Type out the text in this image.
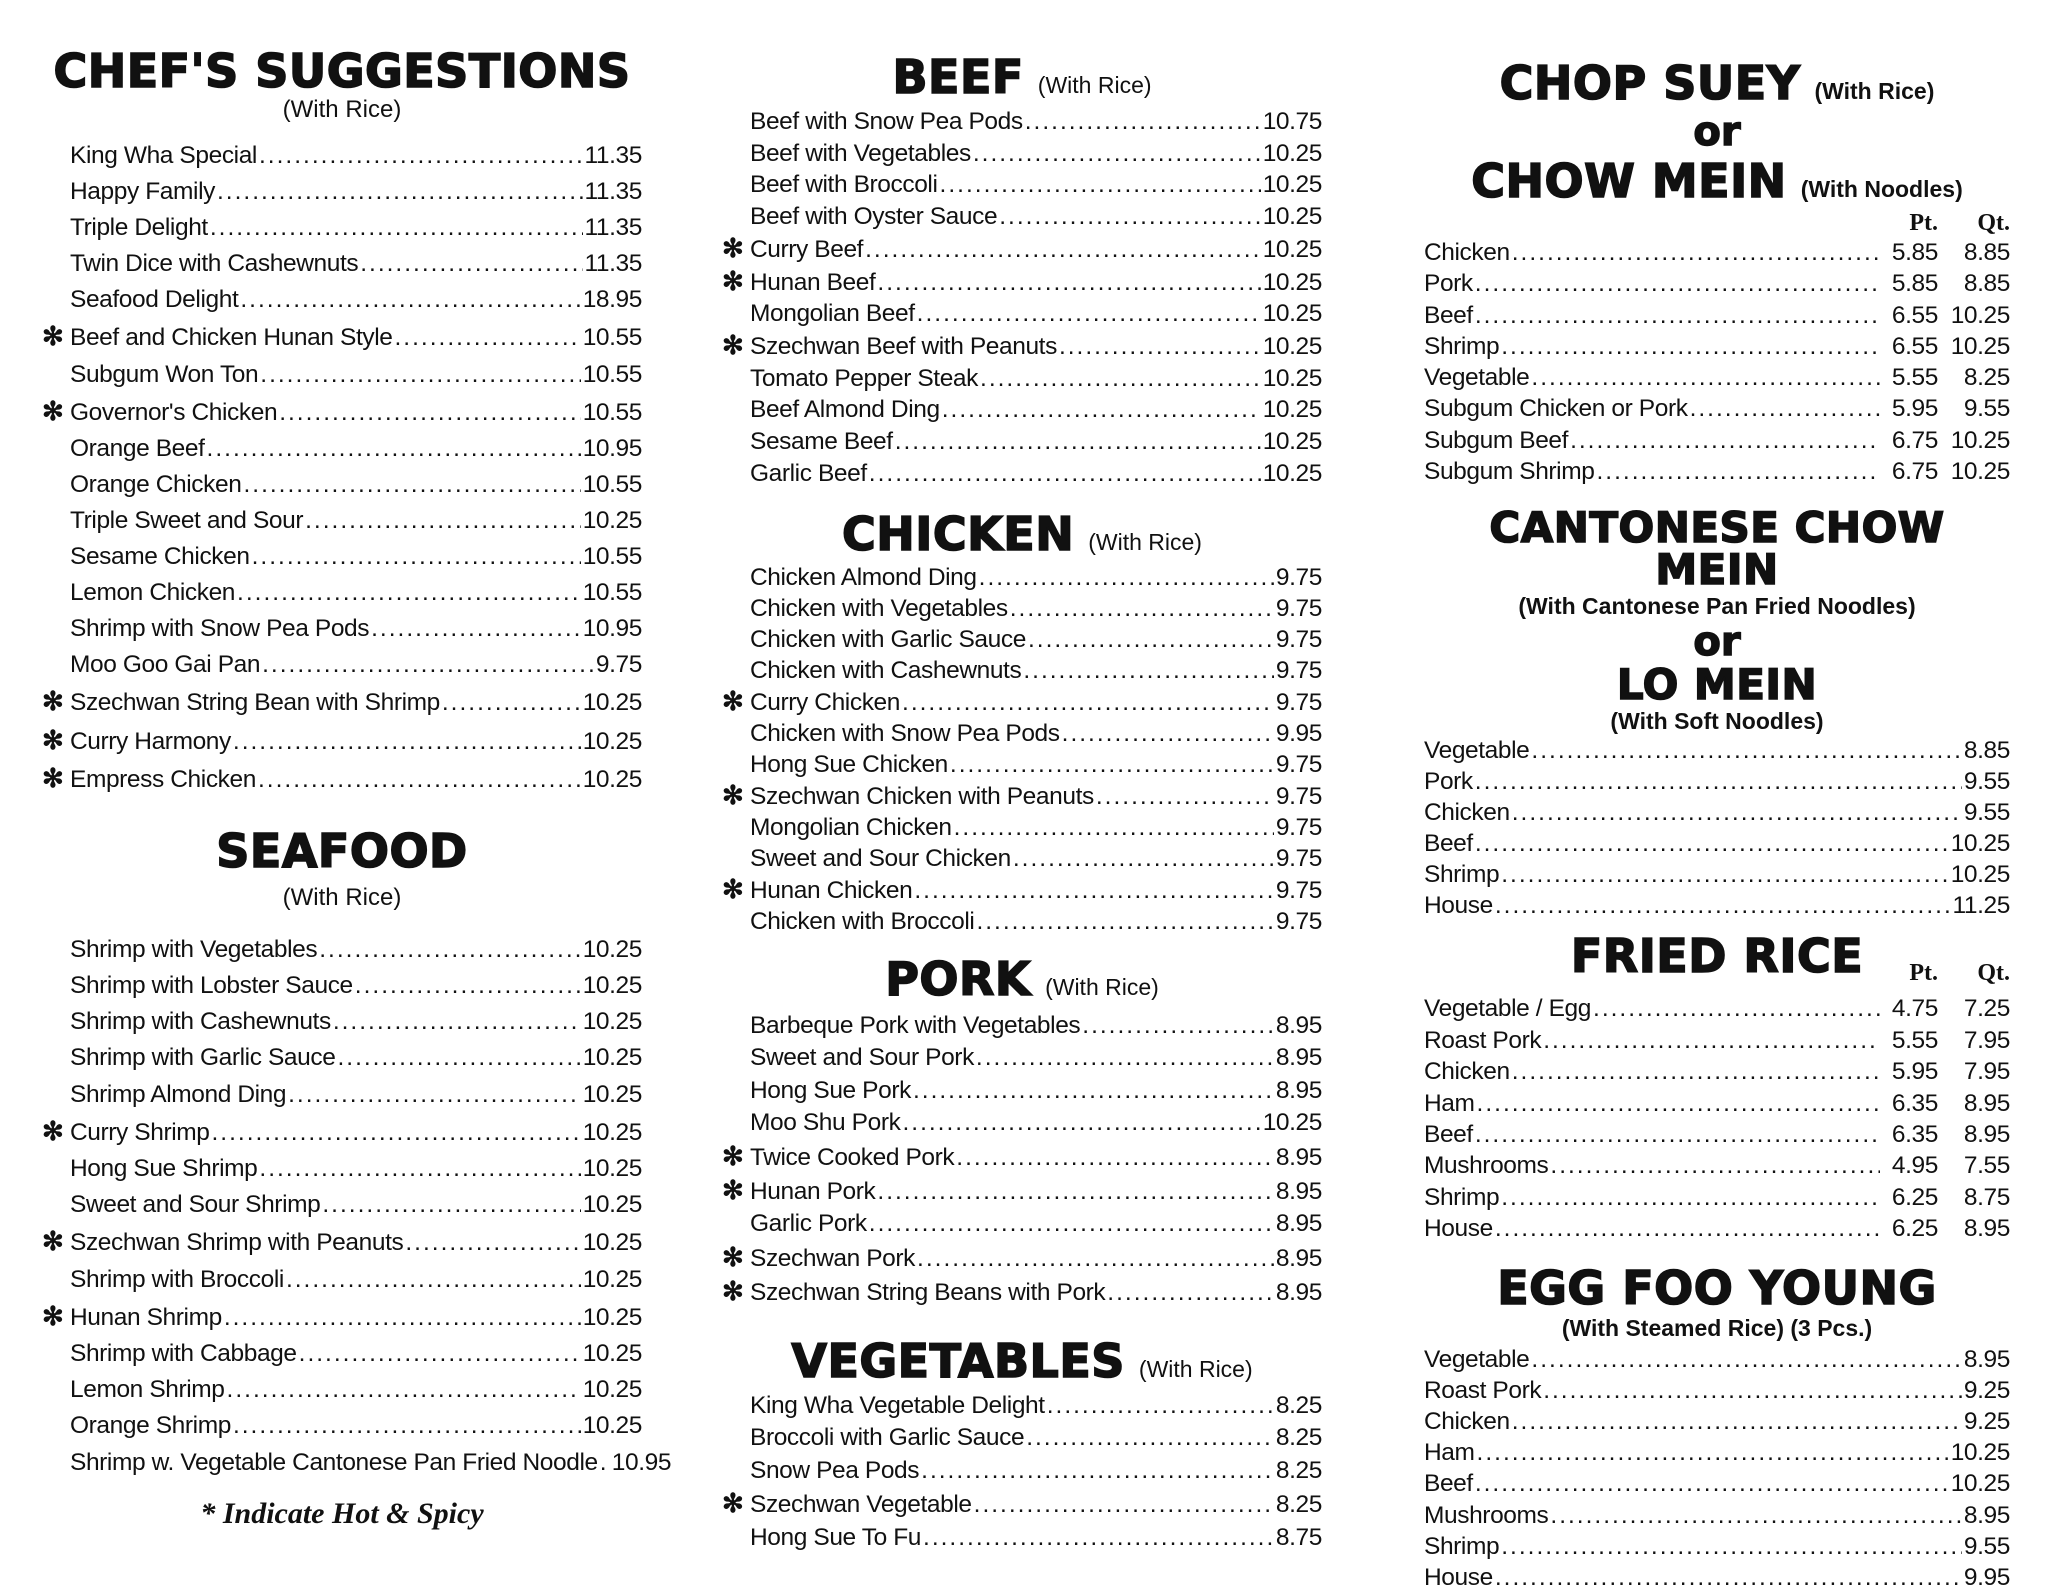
CHEF'S SUGGESTIONS
(With Rice)
King Wha Special .....	11.35
Happy Family .....	11.35
Triple Delight .....	11.35
Twin Dice with Cashewnuts .....	11.35
Seafood Delight .....	18.95
✻ Beef and Chicken Hunan Style .....	10.55
Subgum Won Ton .....	10.55
✻ Governor's Chicken .....	10.55
Orange Beef .....	10.95
Orange Chicken .....	10.55
Triple Sweet and Sour .....	10.25
Sesame Chicken .....	10.55
Lemon Chicken .....	10.55
Shrimp with Snow Pea Pods .....	10.95
Moo Goo Gai Pan .....	9.75
✻ Szechwan String Bean with Shrimp .....	10.25
✻ Curry Harmony .....	10.25
✻ Empress Chicken .....	10.25
SEAFOOD
(With Rice)
Shrimp with Vegetables .....	10.25
Shrimp with Lobster Sauce .....	10.25
Shrimp with Cashewnuts .....	10.25
Shrimp with Garlic Sauce .....	10.25
Shrimp Almond Ding .....	10.25
✻ Curry Shrimp .....	10.25
Hong Sue Shrimp .....	10.25
Sweet and Sour Shrimp .....	10.25
✻ Szechwan Shrimp with Peanuts .....	10.25
Shrimp with Broccoli .....	10.25
✻ Hunan Shrimp .....	10.25
Shrimp with Cabbage .....	10.25
Lemon Shrimp .....	10.25
Orange Shrimp .....	10.25
Shrimp w. Vegetable Cantonese Pan Fried Noodle ..... 10.95
* Indicate Hot & Spicy
BEEF (With Rice)
Beef with Snow Pea Pods .....	10.75
Beef with Vegetables .....	10.25
Beef with Broccoli .....	10.25
Beef with Oyster Sauce .....	10.25
✻ Curry Beef .....	10.25
✻ Hunan Beef .....	10.25
Mongolian Beef .....	10.25
✻ Szechwan Beef with Peanuts .....	10.25
Tomato Pepper Steak .....	10.25
Beef Almond Ding .....	10.25
Sesame Beef .....	10.25
Garlic Beef .....	10.25
CHICKEN (With Rice)
Chicken Almond Ding .....	9.75
Chicken with Vegetables .....	9.75
Chicken with Garlic Sauce .....	9.75
Chicken with Cashewnuts .....	9.75
✻ Curry Chicken .....	9.75
Chicken with Snow Pea Pods .....	9.95
Hong Sue Chicken .....	9.75
✻ Szechwan Chicken with Peanuts .....	9.75
Mongolian Chicken .....	9.75
Sweet and Sour Chicken .....	9.75
✻ Hunan Chicken .....	9.75
Chicken with Broccoli .....	9.75
PORK (With Rice)
Barbeque Pork with Vegetables .....	8.95
Sweet and Sour Pork .....	8.95
Hong Sue Pork .....	8.95
Moo Shu Pork .....	10.25
✻ Twice Cooked Pork .....	8.95
✻ Hunan Pork .....	8.95
Garlic Pork .....	8.95
✻ Szechwan Pork .....	8.95
✻ Szechwan String Beans with Pork .....	8.95
VEGETABLES (With Rice)
King Wha Vegetable Delight .....	8.25
Broccoli with Garlic Sauce .....	8.25
Snow Pea Pods .....	8.25
✻ Szechwan Vegetable .....	8.25
Hong Sue To Fu .....	8.75
CHOP SUEY (With Rice)
or
CHOW MEIN (With Noodles)
Pt.	Qt.
Chicken .....	5.85	8.85
Pork .....	5.85	8.85
Beef .....	6.55 10.25
Shrimp .....	6.55 10.25
Vegetable .....	5.55	8.25
Subgum Chicken or Pork .....	5.95	9.55
Subgum Beef .....	6.75 10.25
Subgum Shrimp .....	6.75 10.25
CANTONESE CHOW MEIN
(With Cantonese Pan Fried Noodles)
or
LO MEIN
(With Soft Noodles)
Vegetable .....	8.85
Pork .....	9.55
Chicken .....	9.55
Beef .....	10.25
Shrimp .....	10.25
House .....	11.25
FRIED RICE	Pt.	Qt.
Vegetable / Egg .....	4.75	7.25
Roast Pork .....	5.55	7.95
Chicken .....	5.95	7.95
Ham .....	6.35	8.95
Beef .....	6.35	8.95
Mushrooms .....	4.95	7.55
Shrimp .....	6.25	8.75
House .....	6.25	8.95
EGG FOO YOUNG
(With Steamed Rice) (3 Pcs.)
Vegetable .....	8.95
Roast Pork .....	9.25
Chicken .....	9.25
Ham .....	10.25
Beef .....	10.25
Mushrooms .....	8.95
Shrimp .....	9.55
House .....	9.95
